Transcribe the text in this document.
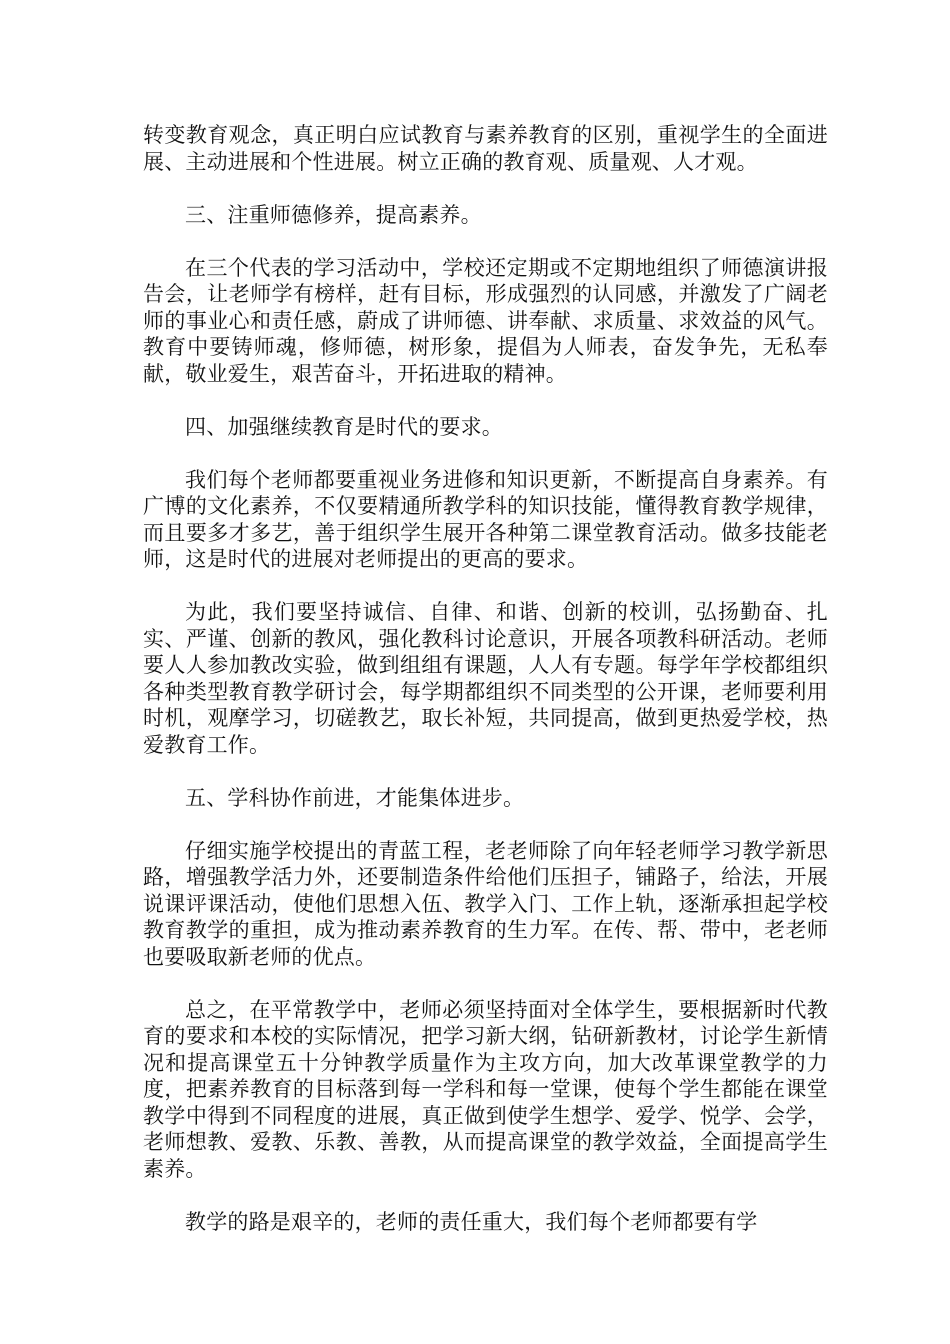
转变教育观念，真正明白应试教育与素养教育的区别，重视学生的全面进展、主动进展和个性进展。树立正确的教育观、质量观、人才观。

三、注重师德修养，提高素养。

在三个代表的学习活动中，学校还定期或不定期地组织了师德演讲报告会，让老师学有榜样，赶有目标，形成强烈的认同感，并激发了广阔老师的事业心和责任感，蔚成了讲师德、讲奉献、求质量、求效益的风气。教育中要铸师魂，修师德，树形象，提倡为人师表，奋发争先，无私奉献，敬业爱生，艰苦奋斗，开拓进取的精神。

四、加强继续教育是时代的要求。

我们每个老师都要重视业务进修和知识更新，不断提高自身素养。有广博的文化素养，不仅要精通所教学科的知识技能，懂得教育教学规律，而且要多才多艺，善于组织学生展开各种第二课堂教育活动。做多技能老师，这是时代的进展对老师提出的更高的要求。

为此，我们要坚持诚信、自律、和谐、创新的校训，弘扬勤奋、扎实、严谨、创新的教风，强化教科讨论意识，开展各项教科研活动。老师要人人参加教改实验，做到组组有课题，人人有专题。每学年学校都组织各种类型教育教学研讨会，每学期都组织不同类型的公开课，老师要利用时机，观摩学习，切磋教艺，取长补短，共同提高，做到更热爱学校，热爱教育工作。

五、学科协作前进，才能集体进步。

仔细实施学校提出的青蓝工程，老老师除了向年轻老师学习教学新思路，增强教学活力外，还要制造条件给他们压担子，铺路子，给法，开展说课评课活动，使他们思想入伍、教学入门、工作上轨，逐渐承担起学校教育教学的重担，成为推动素养教育的生力军。在传、帮、带中，老老师也要吸取新老师的优点。

总之，在平常教学中，老师必须坚持面对全体学生，要根据新时代教育的要求和本校的实际情况，把学习新大纲，钻研新教材，讨论学生新情况和提高课堂五十分钟教学质量作为主攻方向，加大改革课堂教学的力度，把素养教育的目标落到每一学科和每一堂课，使每个学生都能在课堂教学中得到不同程度的进展，真正做到使学生想学、爱学、悦学、会学，老师想教、爱教、乐教、善教，从而提高课堂的教学效益，全面提高学生素养。

教学的路是艰辛的，老师的责任重大，我们每个老师都要有学
